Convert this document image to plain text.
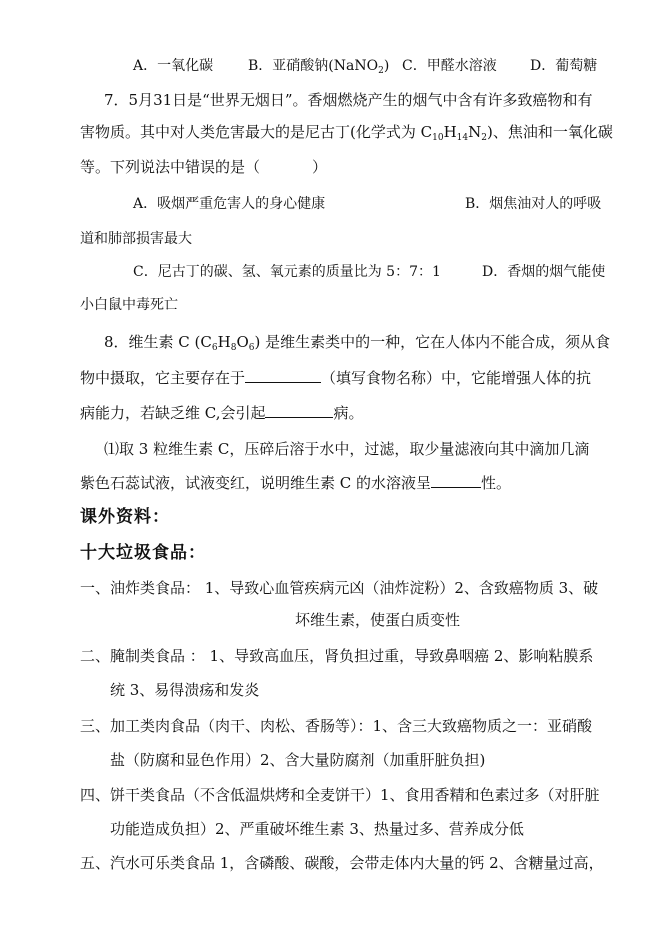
A．一氧化碳 B．亚硝酸钠(NaNO$_2$) C．甲醛水溶液 D．葡萄糖
7．5月31日是“世界无烟日”。香烟燃烧产生的烟气中含有许多致癌物和有
害物质。其中对人类危害最大的是尼古丁(化学式为 $C_{10}H_{14}N_2$)、焦油和一氧化碳
等。下列说法中错误的是（	）
A．吸烟严重危害人的身心健康	B．烟焦油对人的呼吸
道和肺部损害最大
C．尼古丁的碳、氢、氧元素的质量比为 5：7：1	D．香烟的烟气能使
小白鼠中毒死亡
8．维生素 C $(C_6H_8O_6)$ 是维生素类中的一种，它在人体内不能合成，须从食
物中摄取，它主要存在于	（填写食物名称）中，它能增强人体的抗
病能力，若缺乏维 C,会引起	病。
⑴取 3 粒维生素 C，压碎后溶于水中，过滤，取少量滤液向其中滴加几滴
紫色石蕊试液，试液变红，说明维生素 C 的水溶液呈	性。
课外资料：
十大垃圾食品：
一、 油炸类食品： 1、导致心血管疾病元凶（油炸淀粉）2、含致癌物质 3、破
坏维生素，使蛋白质变性
二、 腌制类食品 ： 1、导致高血压，肾负担过重，导致鼻咽癌 2、影响粘膜系
统 3、易得溃疡和发炎
三、 加工类肉食品（肉干、肉松、香肠等）：1、含三大致癌物质之一：亚硝酸
盐（防腐和显色作用）2、含大量防腐剂（加重肝脏负担)
四、 饼干类食品（不含低温烘烤和全麦饼干）1、食用香精和色素过多（对肝脏
功能造成负担）2、严重破坏维生素 3、热量过多、营养成分低
五、 汽水可乐类食品 1，含磷酸、碳酸，会带走体内大量的钙 2、含糖量过高，
